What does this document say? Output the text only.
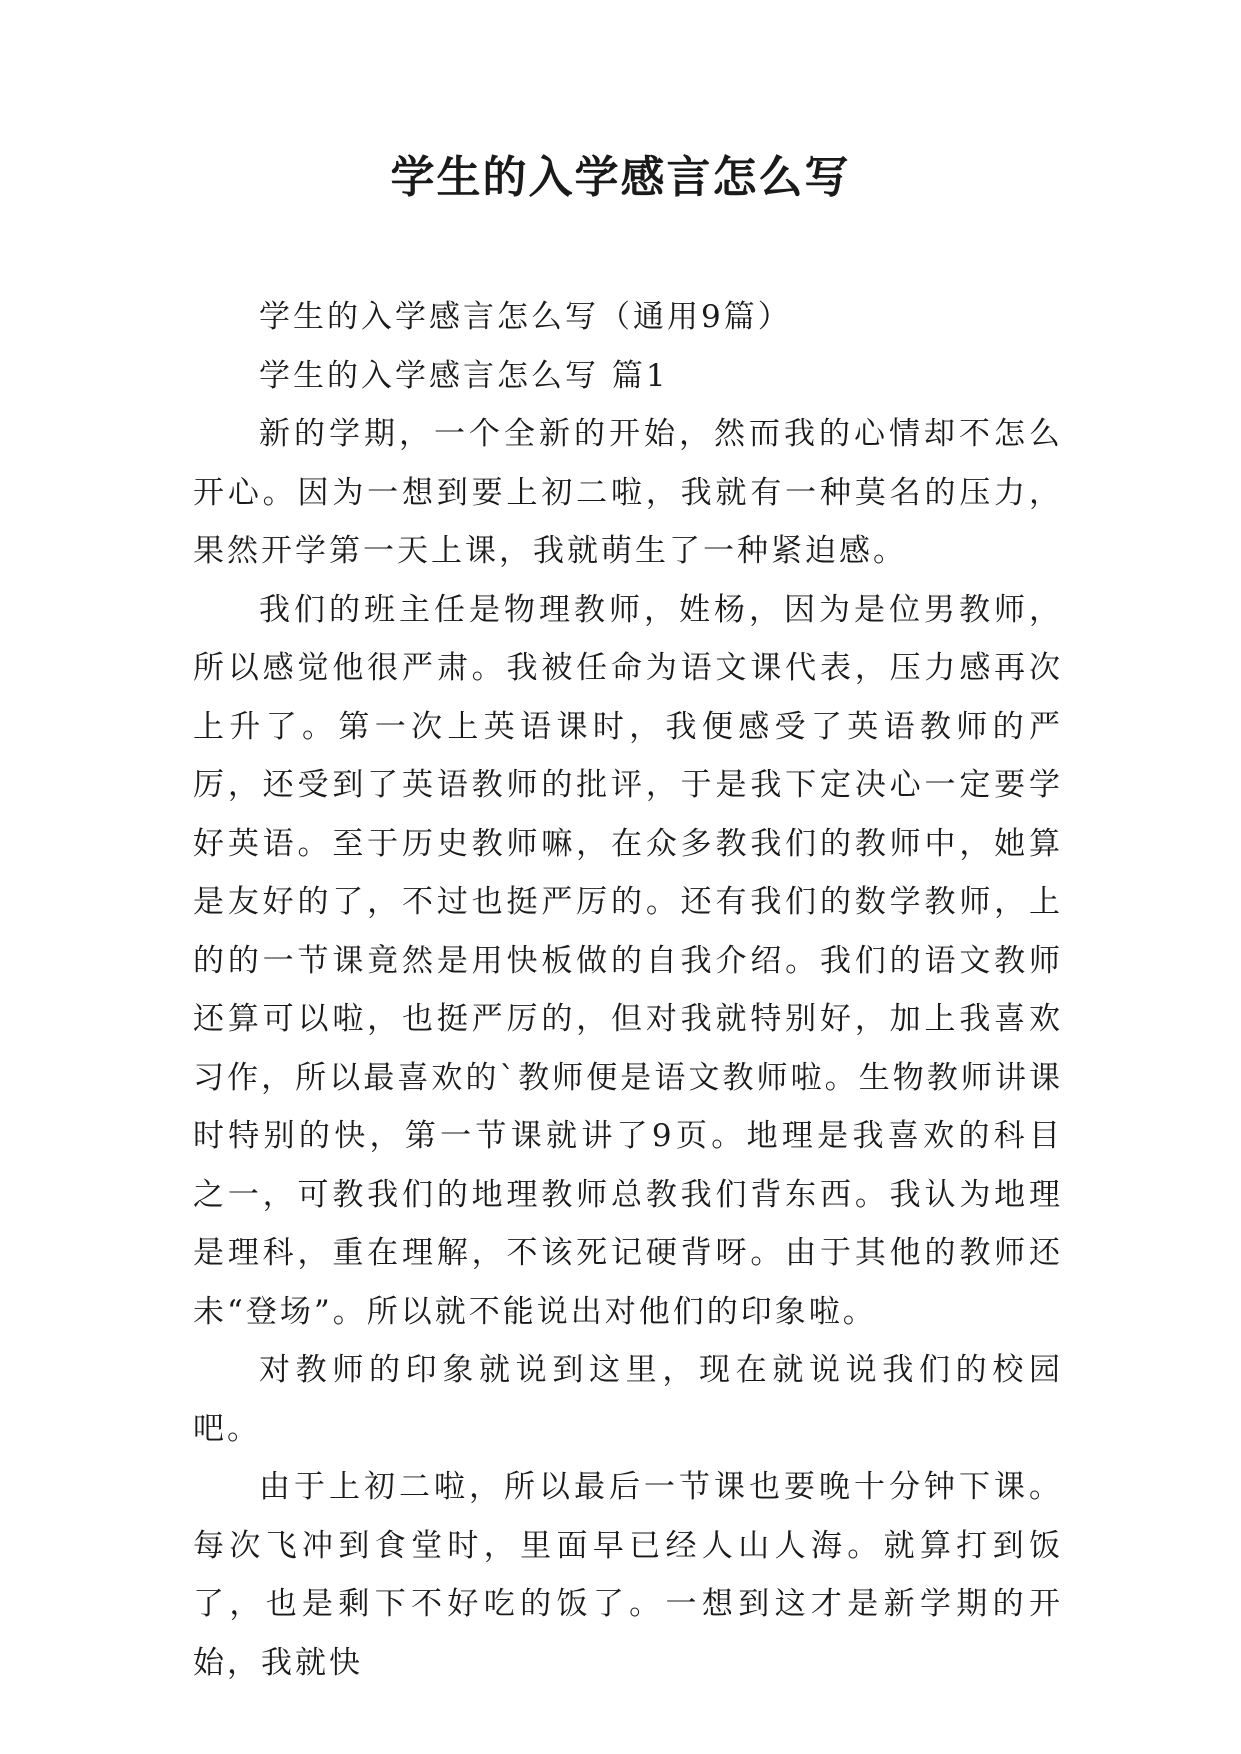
学生的入学感言怎么写

学生的入学感言怎么写（通用9篇）

学生的入学感言怎么写 篇1

新的学期，一个全新的开始，然而我的心情却不怎么开心。因为一想到要上初二啦，我就有一种莫名的压力，果然开学第一天上课，我就萌生了一种紧迫感。

我们的班主任是物理教师，姓杨，因为是位男教师，所以感觉他很严肃。我被任命为语文课代表，压力感再次上升了。第一次上英语课时，我便感受了英语教师的严厉，还受到了英语教师的批评，于是我下定决心一定要学好英语。至于历史教师嘛，在众多教我们的教师中，她算是友好的了，不过也挺严厉的。还有我们的数学教师，上的的一节课竟然是用快板做的自我介绍。我们的语文教师还算可以啦，也挺严厉的，但对我就特别好，加上我喜欢习作，所以最喜欢的`教师便是语文教师啦。生物教师讲课时特别的快，第一节课就讲了9页。地理是我喜欢的科目之一，可教我们的地理教师总教我们背东西。我认为地理是理科，重在理解，不该死记硬背呀。由于其他的教师还未“登场”。所以就不能说出对他们的印象啦。

对教师的印象就说到这里，现在就说说我们的校园吧。

由于上初二啦，所以最后一节课也要晚十分钟下课。每次飞冲到食堂时，里面早已经人山人海。就算打到饭了，也是剩下不好吃的饭了。一想到这才是新学期的开始，我就快
